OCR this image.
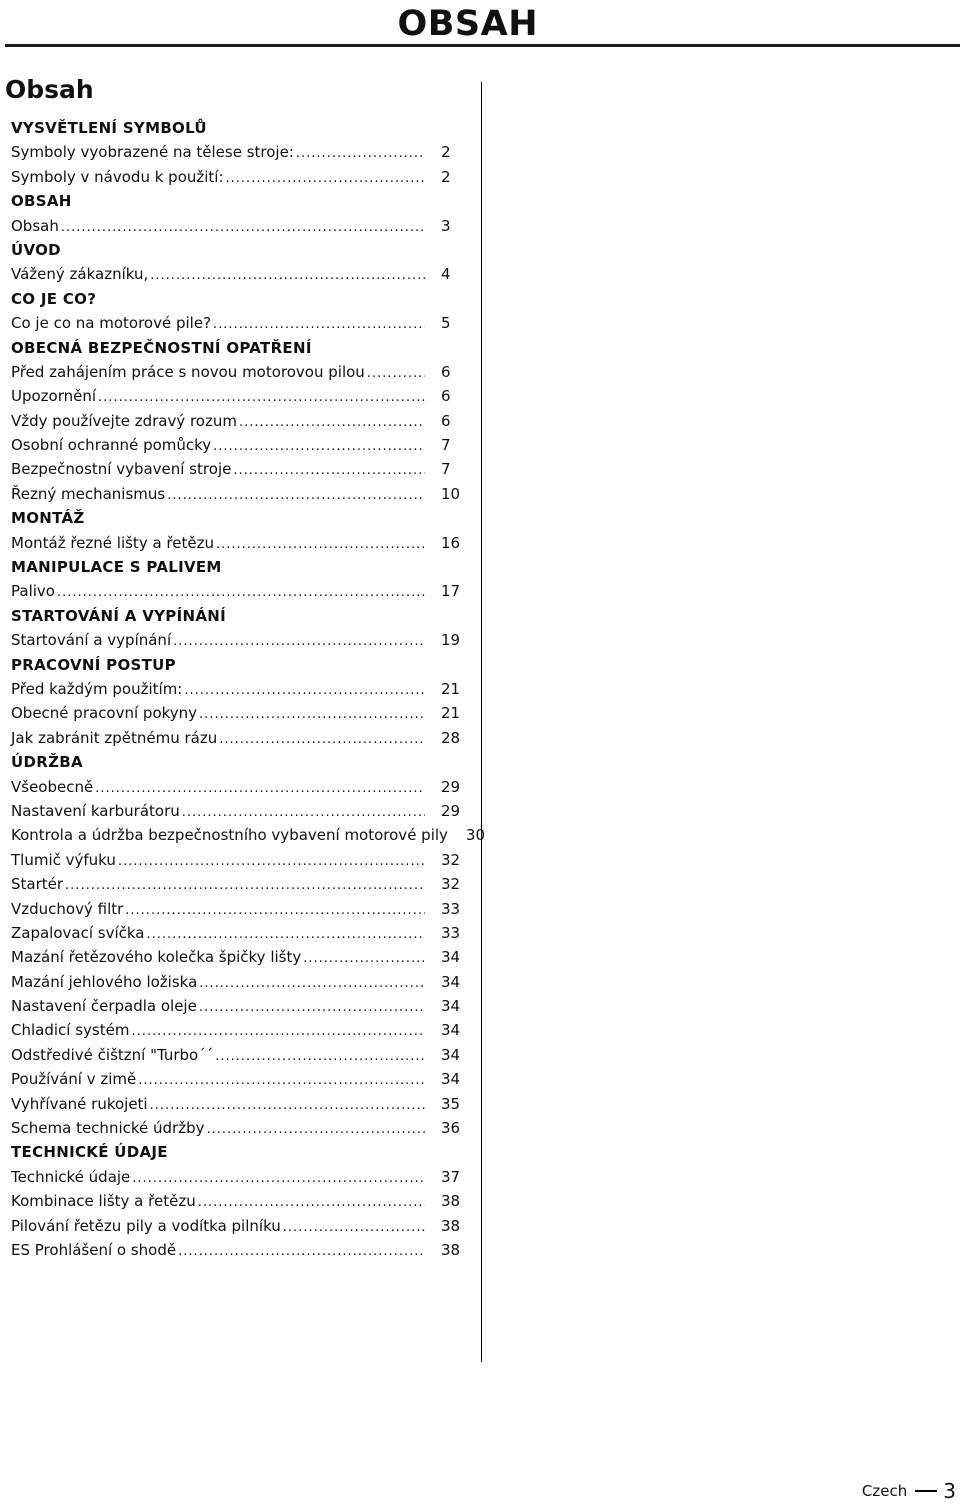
OBSAH
Obsah
VYSVĚTLENÍ SYMBOLŮ
Symboly vyobrazené na tělese stroje: .....	2
Symboly v návodu k použití: .....	2
OBSAH
Obsah .....	3
ÚVOD
Vážený zákazníku, .....	4
CO JE CO?
Co je co na motorové pile? .....	5
OBECNÁ BEZPEČNOSTNÍ OPATŘENÍ
Před zahájením práce s novou motorovou pilou .....	6
Upozornění .....	6
Vždy používejte zdravý rozum .....	6
Osobní ochranné pomůcky .....	7
Bezpečnostní vybavení stroje .....	7
Řezný mechanismus .....	10
MONTÁŽ
Montáž řezné lišty a řetězu .....	16
MANIPULACE S PALIVEM
Palivo .....	17
STARTOVÁNÍ A VYPÍNÁNÍ
Startování a vypínání .....	19
PRACOVNÍ POSTUP
Před každým použitím: .....	21
Obecné pracovní pokyny .....	21
Jak zabránit zpětnému rázu .....	28
ÚDRŽBA
Všeobecně .....	29
Nastavení karburátoru .....	29
Kontrola a údržba bezpečnostního vybavení motorové pily .....	30
Tlumič výfuku .....	32
Startér .....	32
Vzduchový filtr .....	33
Zapalovací svíčka .....	33
Mazání řetězového kolečka špičky lišty .....	34
Mazání jehlového ložiska .....	34
Nastavení čerpadla oleje .....	34
Chladicí systém .....	34
Odstředivé čištzní "Turbo´´ .....	34
Používání v zimě .....	34
Vyhřívané rukojeti .....	35
Schema technické údržby .....	36
TECHNICKÉ ÚDAJE
Technické údaje .....	37
Kombinace lišty a řetězu .....	38
Pilování řetězu pily a vodítka pilníku .....	38
ES Prohlášení o shodě .....	38
Czech 3
